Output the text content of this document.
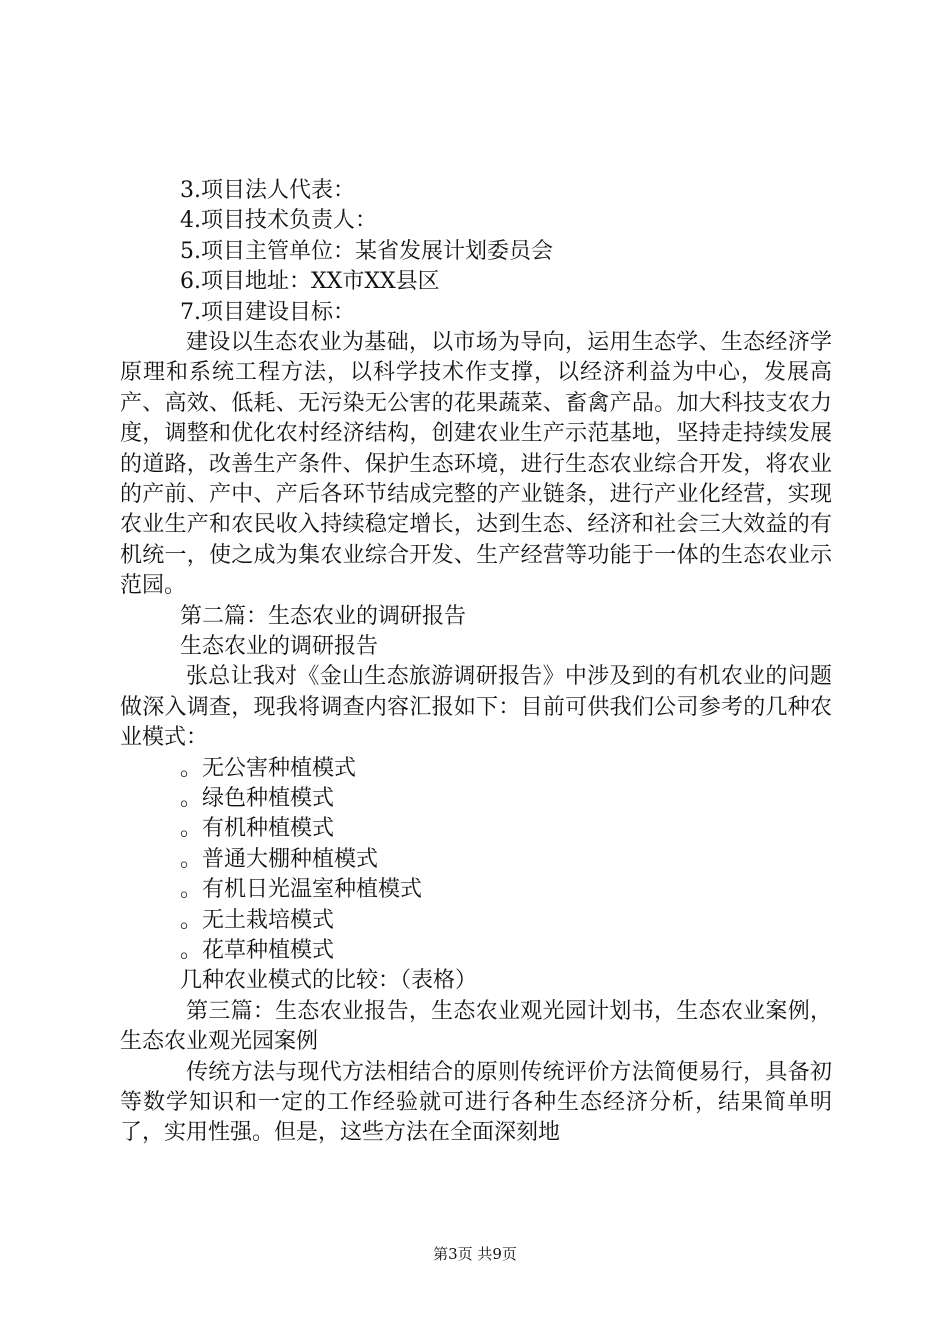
3.项目法人代表：
4.项目技术负责人：
5.项目主管单位：某省发展计划委员会
6.项目地址：XX市XX县区
7.项目建设目标：

建设以生态农业为基础，以市场为导向，运用生态学、生态经济学原理和系统工程方法，以科学技术作支撑，以经济利益为中心，发展高产、高效、低耗、无污染无公害的花果蔬菜、畜禽产品。加大科技支农力度，调整和优化农村经济结构，创建农业生产示范基地，坚持走持续发展的道路，改善生产条件、保护生态环境，进行生态农业综合开发，将农业的产前、产中、产后各环节结成完整的产业链条，进行产业化经营，实现农业生产和农民收入持续稳定增长，达到生态、经济和社会三大效益的有机统一，使之成为集农业综合开发、生产经营等功能于一体的生态农业示范园。

第二篇：生态农业的调研报告
生态农业的调研报告

张总让我对《金山生态旅游调研报告》中涉及到的有机农业的问题做深入调查，现我将调查内容汇报如下：目前可供我们公司参考的几种农业模式：

。无公害种植模式
。绿色种植模式
。有机种植模式
。普通大棚种植模式
。有机日光温室种植模式
。无土栽培模式
。花草种植模式
几种农业模式的比较：（表格）

第三篇：生态农业报告，生态农业观光园计划书，生态农业案例，生态农业观光园案例

传统方法与现代方法相结合的原则传统评价方法简便易行，具备初等数学知识和一定的工作经验就可进行各种生态经济分析，结果简单明了，实用性强。但是，这些方法在全面深刻地

第3页 共9页
